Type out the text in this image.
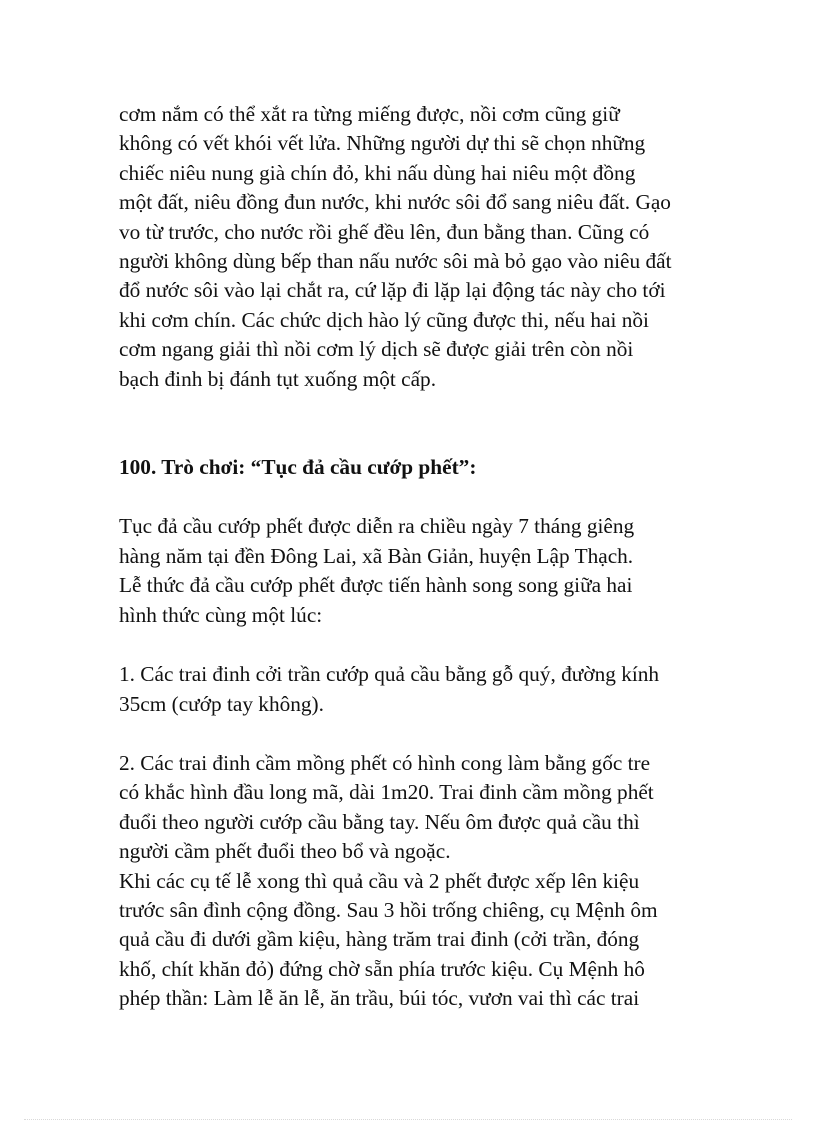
cơm nắm có thể xắt ra từng miếng được, nồi cơm cũng giữ
không có vết khói vết lửa. Những người dự thi sẽ chọn những
chiếc niêu nung già chín đỏ, khi nấu dùng hai niêu một đồng
một đất, niêu đồng đun nước, khi nước sôi đổ sang niêu đất. Gạo
vo từ trước, cho nước rồi ghế đều lên, đun bằng than. Cũng có
người không dùng bếp than nấu nước sôi mà bỏ gạo vào niêu đất
đổ nước sôi vào lại chắt ra, cứ lặp đi lặp lại động tác này cho tới
khi cơm chín. Các chức dịch hào lý cũng được thi, nếu hai nồi
cơm ngang giải thì nồi cơm lý dịch sẽ được giải trên còn nồi
bạch đinh bị đánh tụt xuống một cấp.

100. Trò chơi: “Tục đả cầu cướp phết”:

Tục đả cầu cướp phết được diễn ra chiều ngày 7 tháng giêng
hàng năm tại đền Đông Lai, xã Bàn Giản, huyện Lập Thạch.
Lễ thức đả cầu cướp phết được tiến hành song song giữa hai
hình thức cùng một lúc:

1. Các trai đinh cởi trần cướp quả cầu bằng gỗ quý, đường kính
35cm (cướp tay không).

2. Các trai đinh cầm mồng phết có hình cong làm bằng gốc tre
có khắc hình đầu long mã, dài 1m20. Trai đinh cầm mồng phết
đuổi theo người cướp cầu bằng tay. Nếu ôm được quả cầu thì
người cầm phết đuổi theo bổ và ngoặc.
Khi các cụ tế lễ xong thì quả cầu và 2 phết được xếp lên kiệu
trước sân đình cộng đồng. Sau 3 hồi trống chiêng, cụ Mệnh ôm
quả cầu đi dưới gầm kiệu, hàng trăm trai đinh (cởi trần, đóng
khố, chít khăn đỏ) đứng chờ sẵn phía trước kiệu. Cụ Mệnh hô
phép thần: Làm lễ ăn lễ, ăn trầu, búi tóc, vươn vai thì các trai
